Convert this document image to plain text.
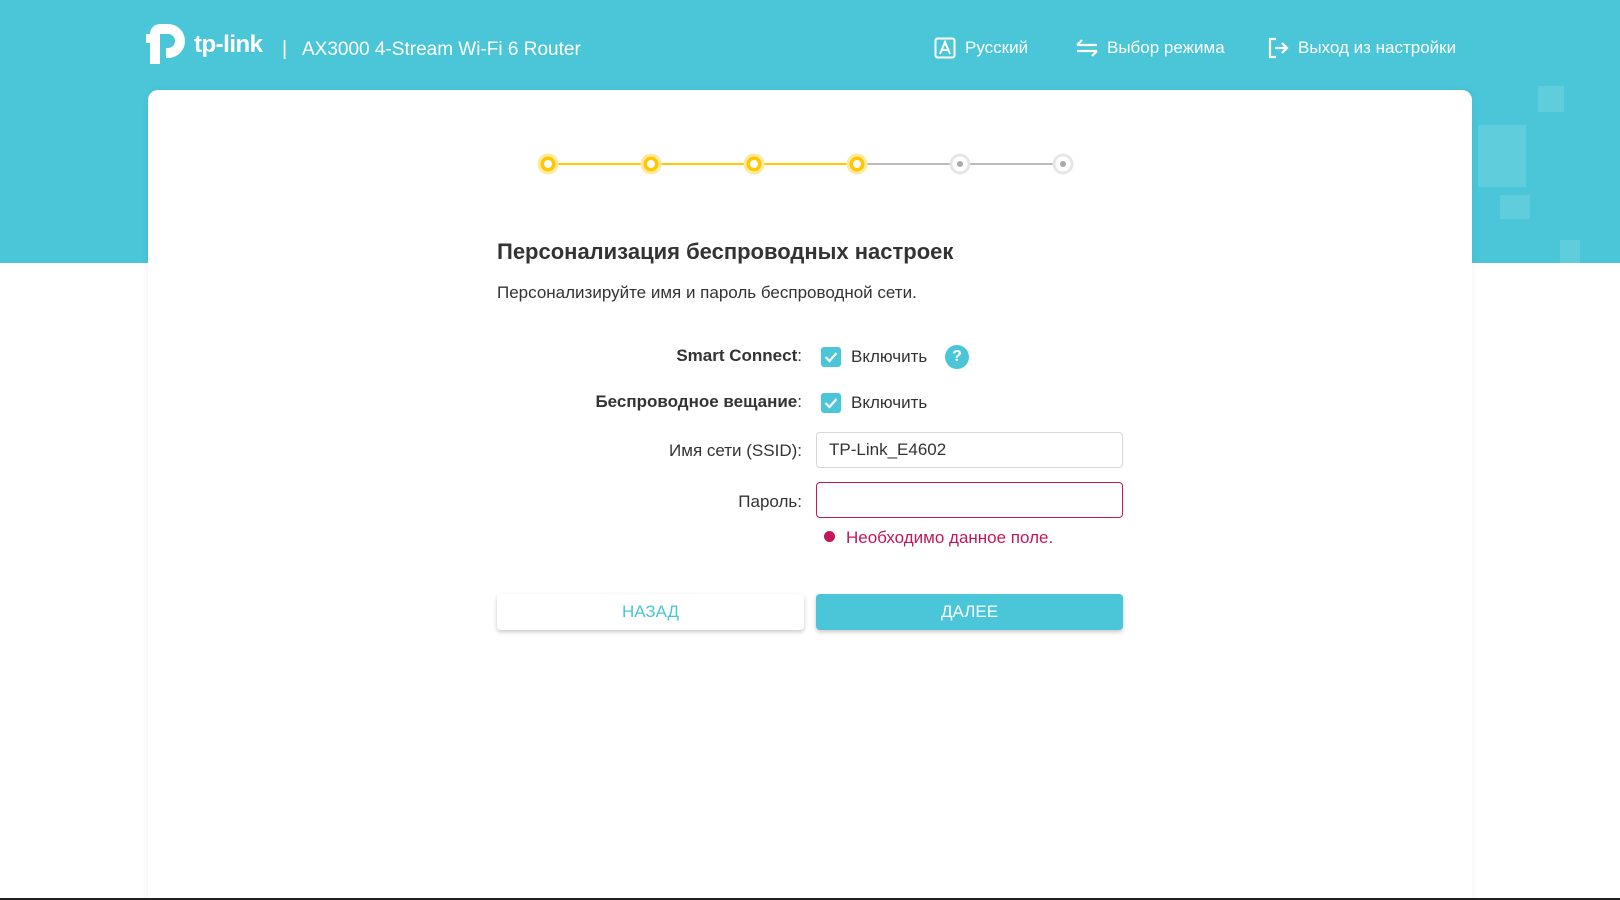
tp-link | AX3000 4-Stream Wi-Fi 6 Router	Русский	Выбор режима	Выход из настройки
Персонализация беспроводных настроек
Персонализируйте имя и пароль беспроводной сети.
Smart Connect:	Включить	?
Беспроводное вещание:	Включить
Имя сети (SSID):
TP-Link_E4602
Пароль:
Необходимо данное поле.
НАЗАД	ДАЛЕЕ
